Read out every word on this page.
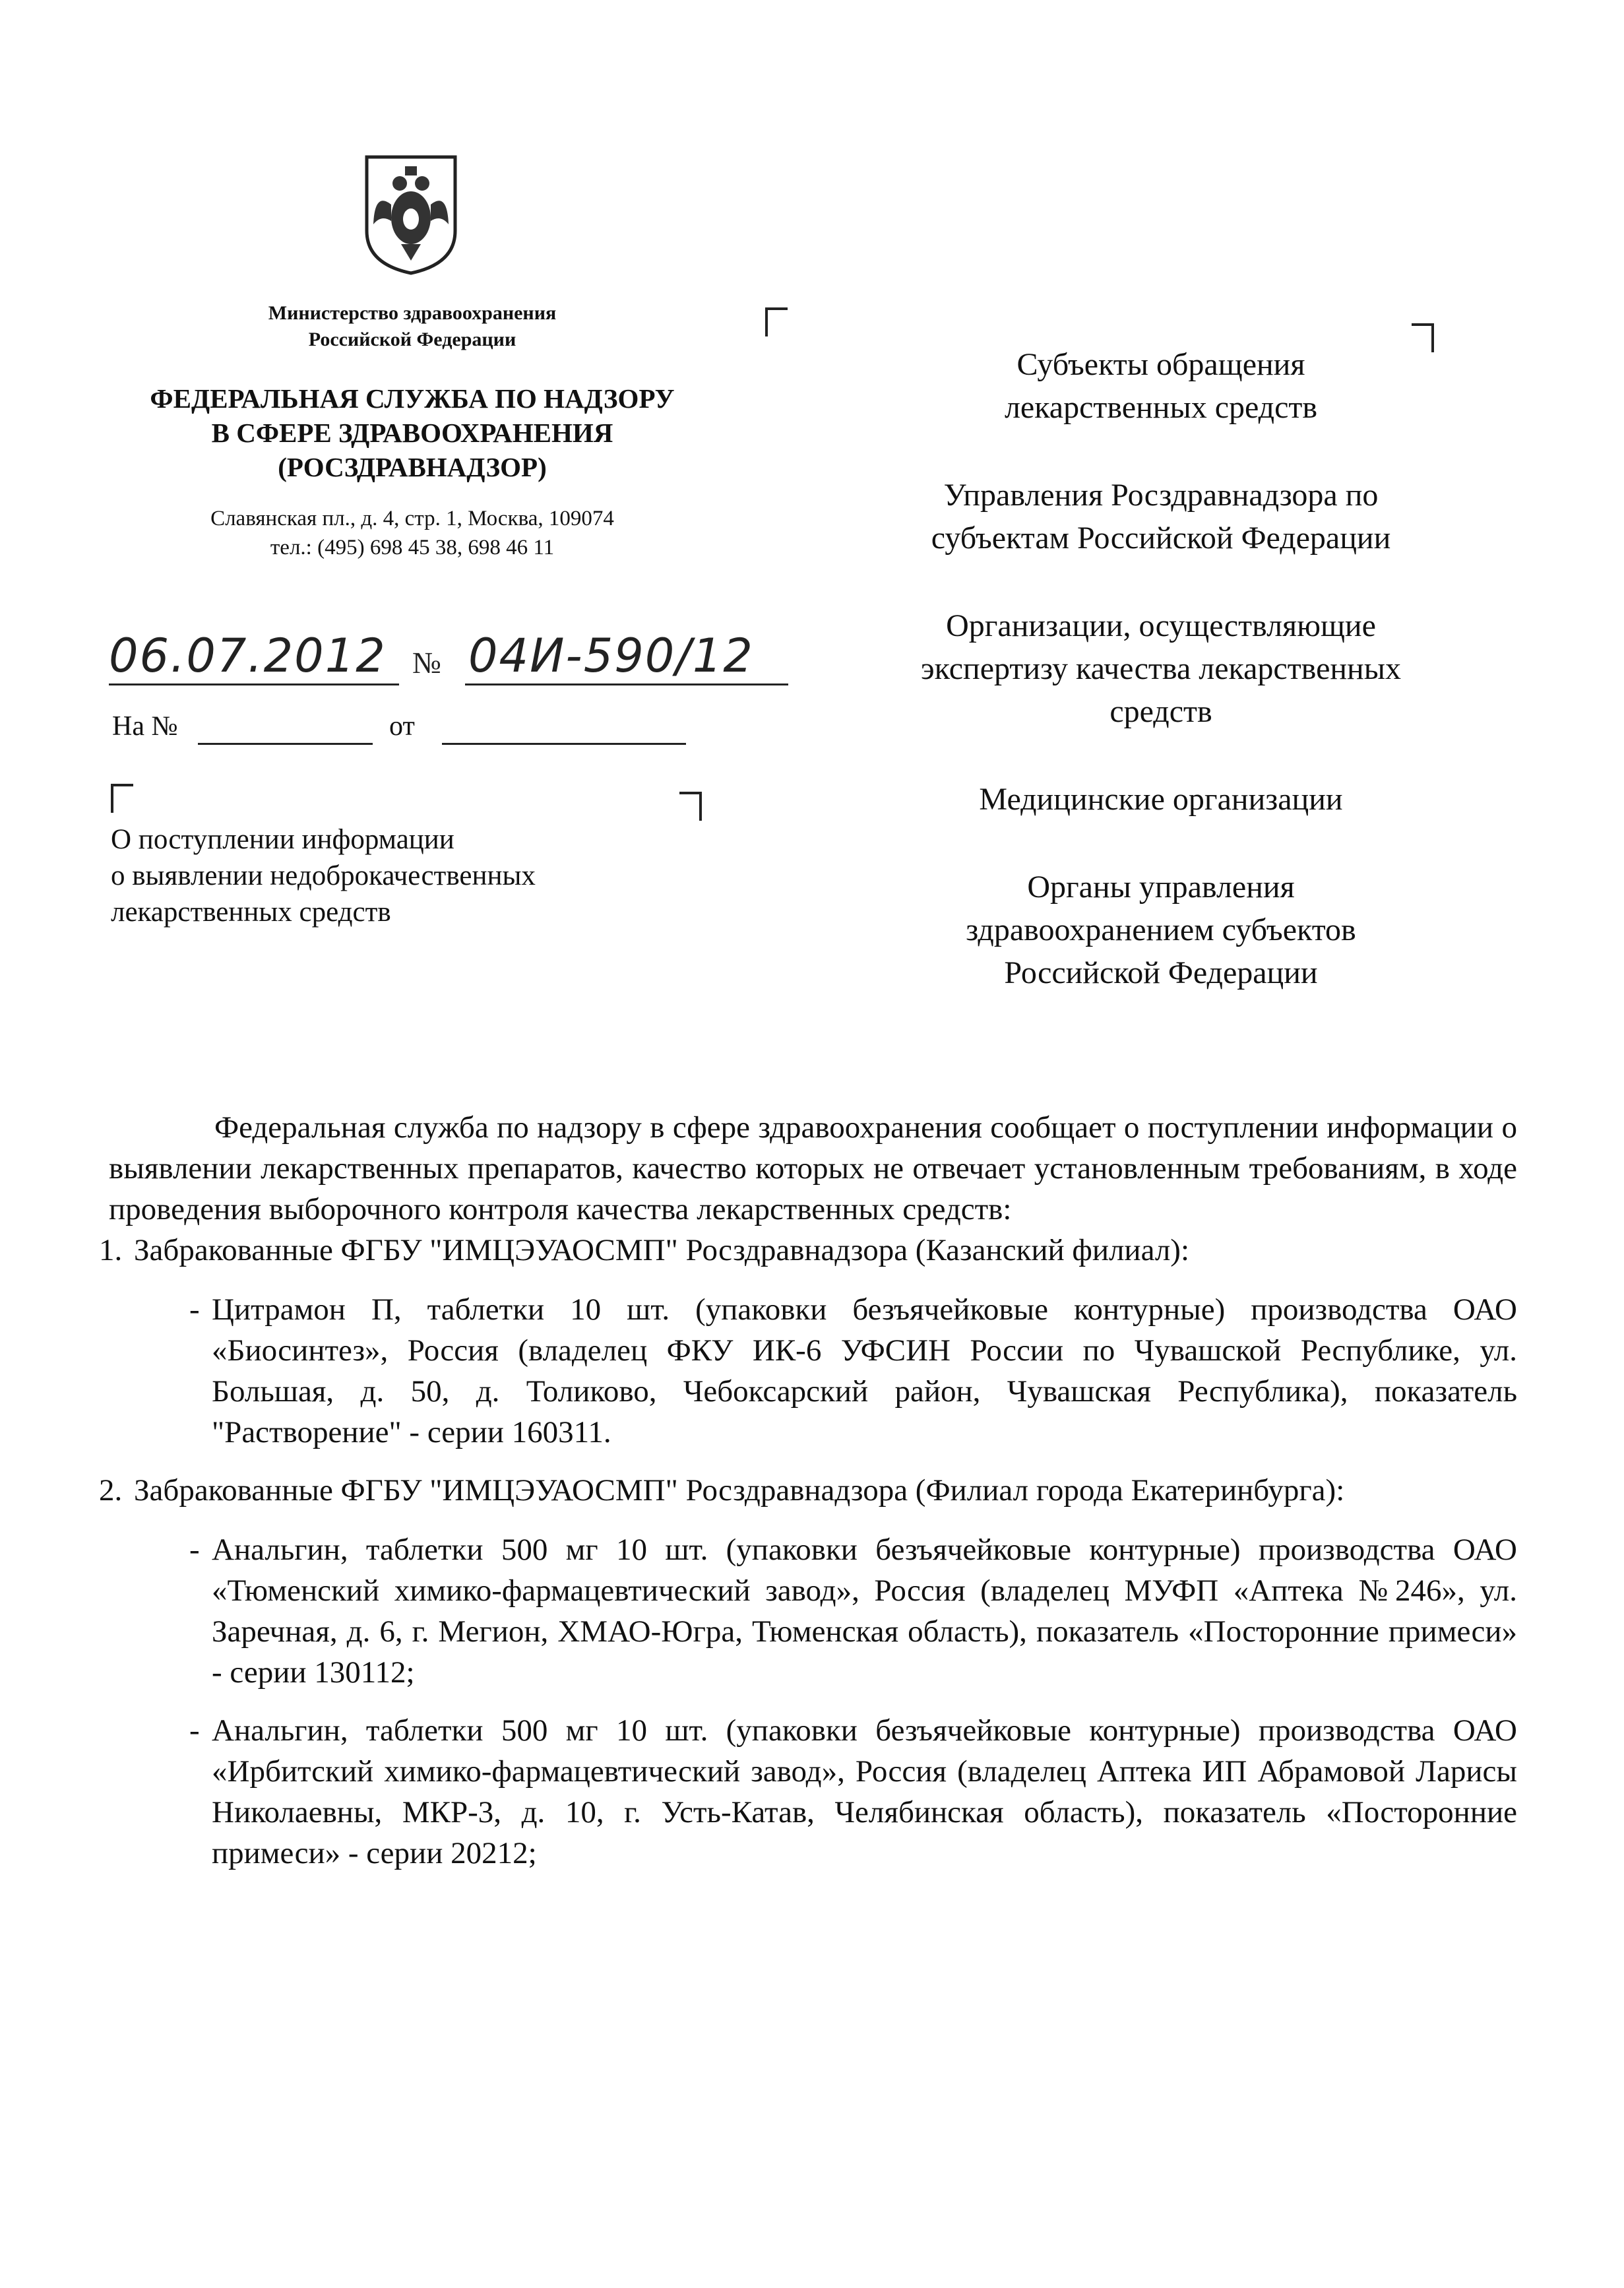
Министерство здравоохранения
Российской Федерации
ФЕДЕРАЛЬНАЯ СЛУЖБА ПО НАДЗОРУ
В СФЕРЕ ЗДРАВООХРАНЕНИЯ
(РОСЗДРАВНАДЗОР)
Славянская пл., д. 4, стр. 1, Москва, 109074
тел.: (495) 698 45 38, 698 46 11
06.07.2012 № 04И-590/12
На №	от
О поступлении информации
о выявлении недоброкачественных
лекарственных средств
Субъекты обращения
лекарственных средств
Управления Росздравнадзора по
субъектам Российской Федерации
Организации, осуществляющие
экспертизу качества лекарственных
средств
Медицинские организации
Органы управления
здравоохранением субъектов
Российской Федерации

Федеральная служба по надзору в сфере здравоохранения сообщает о поступлении информации о выявлении лекарственных препаратов, качество которых не отвечает установленным требованиям, в ходе проведения выборочного контроля качества лекарственных средств:

1. Забракованные ФГБУ "ИМЦЭУАОСМП" Росздравнадзора (Казанский филиал):

- Цитрамон П, таблетки 10 шт. (упаковки безъячейковые контурные) производства ОАО «Биосинтез», Россия (владелец ФКУ ИК-6 УФСИН России по Чувашской Республике, ул. Большая, д. 50, д. Толиково, Чебоксарский район, Чувашская Республика), показатель "Растворение" - серии 160311.
2. Забракованные ФГБУ "ИМЦЭУАОСМП" Росздравнадзора (Филиал города Екатеринбурга):

- Анальгин, таблетки 500 мг 10 шт. (упаковки безъячейковые контурные) производства ОАО «Тюменский химико-фармацевтический завод», Россия (владелец МУФП «Аптека №246», ул. Заречная, д. 6, г. Мегион, ХМАО-Югра, Тюменская область), показатель «Посторонние примеси» - серии 130112;
- Анальгин, таблетки 500 мг 10 шт. (упаковки безъячейковые контурные) производства ОАО «Ирбитский химико-фармацевтический завод», Россия (владелец Аптека ИП Абрамовой Ларисы Николаевны, МКР-3, д. 10, г. Усть-Катав, Челябинская область), показатель «Посторонние примеси» - серии 20212;
